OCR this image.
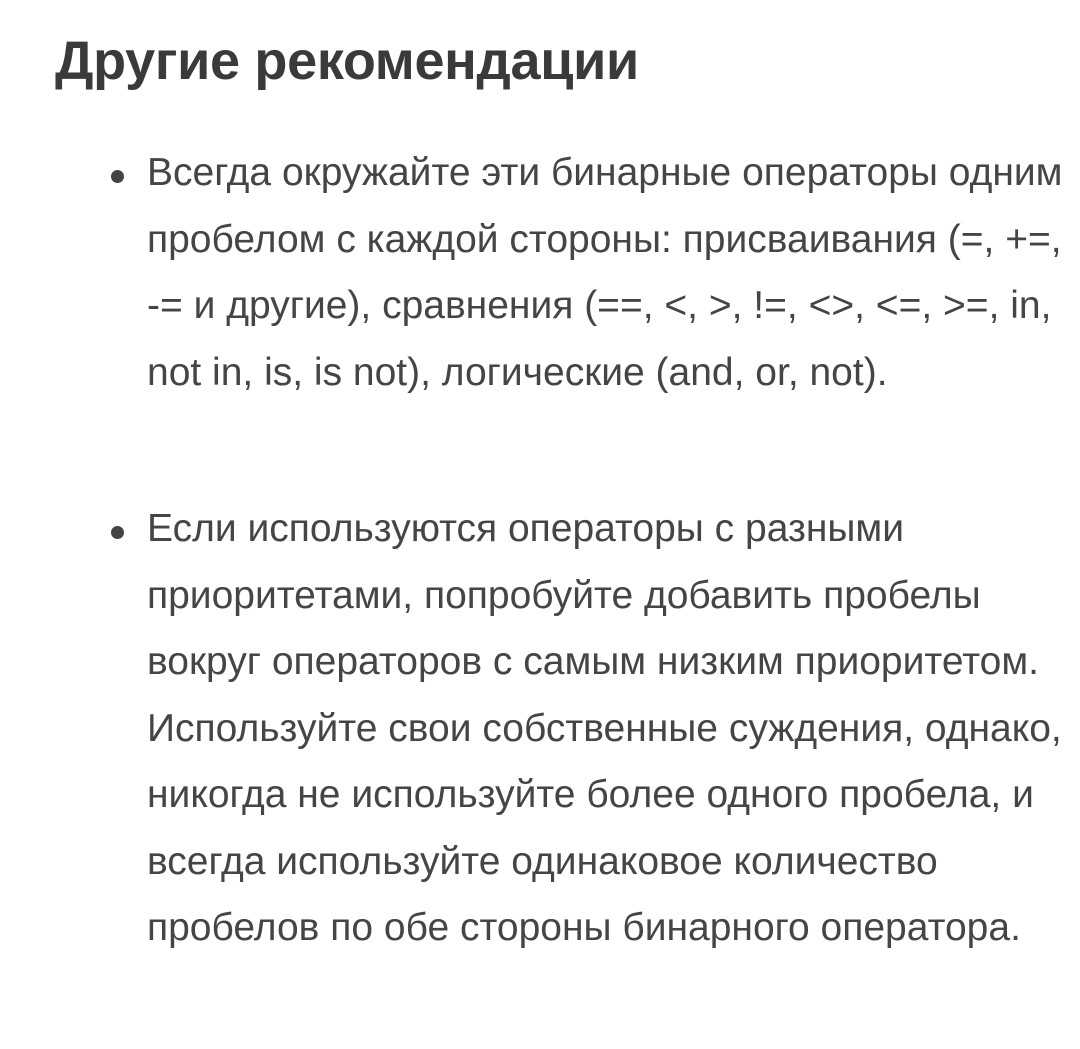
Другие рекомендации

Всегда окружайте эти бинарные операторы одним пробелом с каждой стороны: присваивания (=, +=, -= и другие), сравнения (==, <, >, !=, <>, <=, >=, in, not in, is, is not), логические (and, or, not).

Если используются операторы с разными приоритетами, попробуйте добавить пробелы вокруг операторов с самым низким приоритетом. Используйте свои собственные суждения, однако, никогда не используйте более одного пробела, и всегда используйте одинаковое количество пробелов по обе стороны бинарного оператора.
